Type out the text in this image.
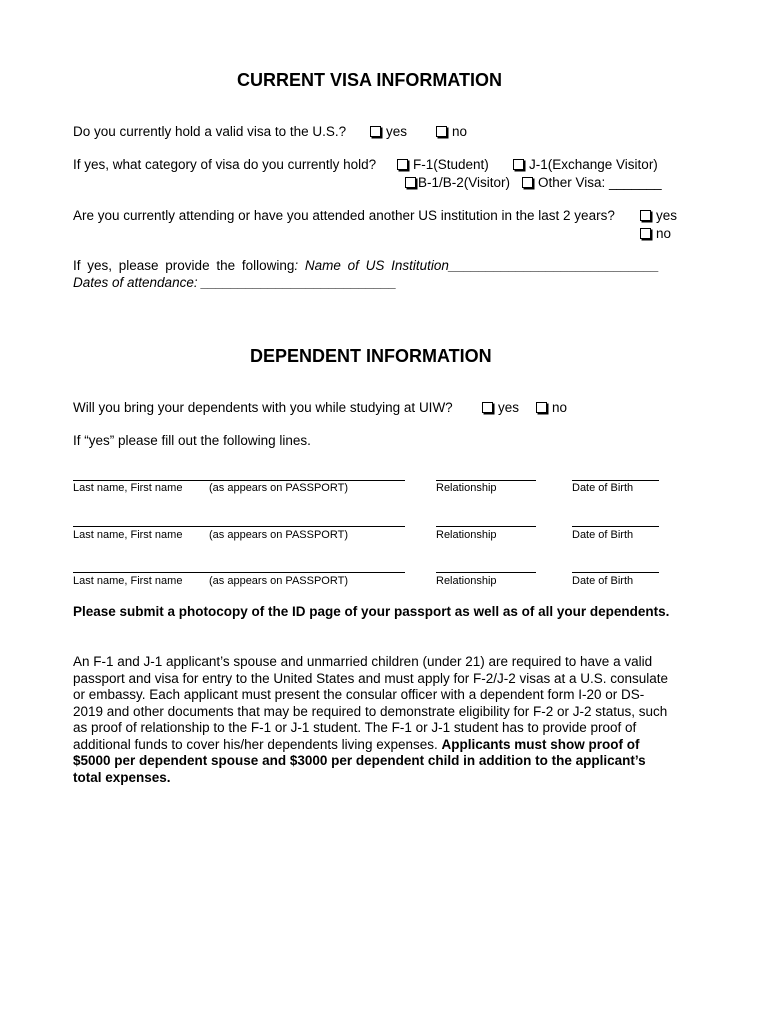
CURRENT VISA INFORMATION
Do you currently hold a valid visa to the U.S.?	yes	no
If yes, what category of visa do you currently hold?	F-1(Student)	J-1(Exchange Visitor)
B-1/B-2(Visitor)	Other Visa: _______
Are you currently attending or have you attended another US institution in the last 2 years?	yes
no
If yes, please provide the following: Name of US Institution____________________________
Dates of attendance: __________________________
DEPENDENT INFORMATION
Will you bring your dependents with you while studying at UIW?	yes	no
If “yes” please fill out the following lines.
Last name, First name (as appears on PASSPORT)	Relationship	Date of Birth
Last name, First name (as appears on PASSPORT)	Relationship	Date of Birth
Last name, First name (as appears on PASSPORT)	Relationship	Date of Birth
Please submit a photocopy of the ID page of your passport as well as of all your dependents.
An F-1 and J-1 applicant’s spouse and unmarried children (under 21) are required to have a valid passport and visa for entry to the United States and must apply for F-2/J-2 visas at a U.S. consulate or embassy. Each applicant must present the consular officer with a dependent form I-20 or DS-2019 and other documents that may be required to demonstrate eligibility for F-2 or J-2 status, such as proof of relationship to the F-1 or J-1 student. The F-1 or J-1 student has to provide proof of additional funds to cover his/her dependents living expenses. Applicants must show proof of $5000 per dependent spouse and $3000 per dependent child in addition to the applicant’s total expenses.
